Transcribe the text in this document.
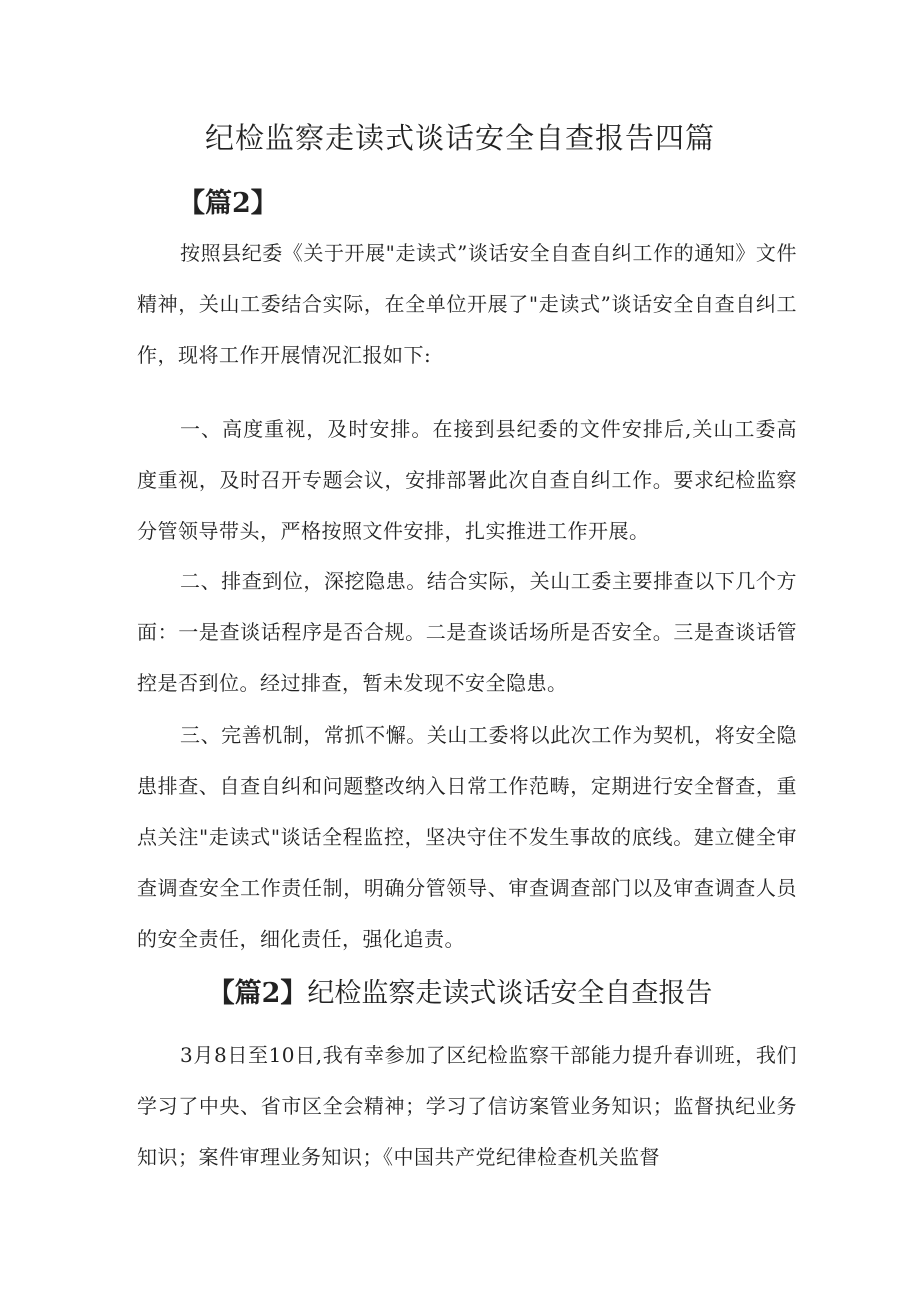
纪检监察走读式谈话安全自查报告四篇
【篇2】

按照县纪委《关于开展"走读式”谈话安全自查自纠工作的通知》文件精神，关山工委结合实际，在全单位开展了"走读式”谈话安全自查自纠工作，现将工作开展情况汇报如下:

一、高度重视，及时安排。在接到县纪委的文件安排后,关山工委高度重视，及时召开专题会议，安排部署此次自查自纠工作。要求纪检监察分管领导带头，严格按照文件安排，扎实推进工作开展。

二、排查到位，深挖隐患。结合实际，关山工委主要排查以下几个方面：一是查谈话程序是否合规。二是查谈话场所是否安全。三是查谈话管控是否到位。经过排查，暂未发现不安全隐患。

三、完善机制，常抓不懈。关山工委将以此次工作为契机，将安全隐患排查、自查自纠和问题整改纳入日常工作范畴，定期进行安全督查，重点关注"走读式"谈话全程监控，坚决守住不发生事故的底线。建立健全审查调查安全工作责任制，明确分管领导、审查调查部门以及审查调查人员的安全责任，细化责任，强化追责。

【篇2】纪检监察走读式谈话安全自查报告

3月8日至10日,我有幸参加了区纪检监察干部能力提升春训班，我们学习了中央、省市区全会精神；学习了信访案管业务知识；监督执纪业务知识；案件审理业务知识；《中国共产党纪律检查机关监督
